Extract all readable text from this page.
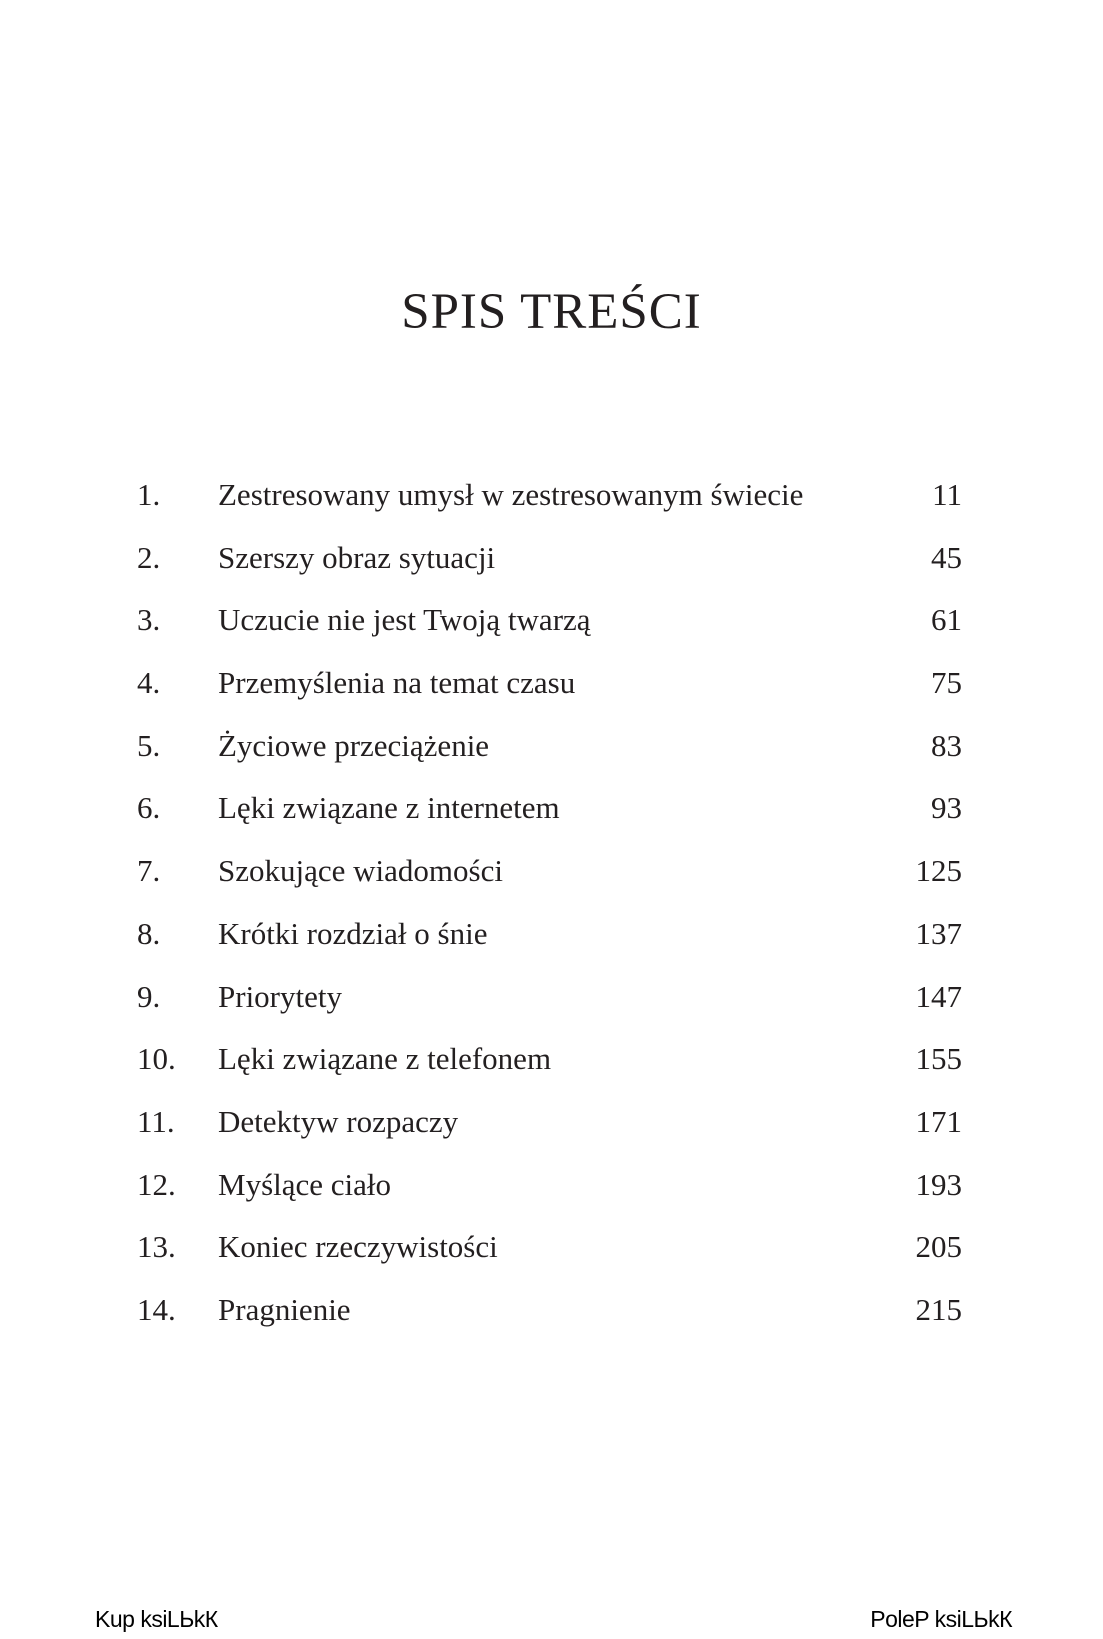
SPIS TREŚCI
1. Zestresowany umysł w zestresowanym świecie	11
2. Szerszy obraz sytuacji	45
3. Uczucie nie jest Twoją twarzą	61
4. Przemyślenia na temat czasu	75
5. Życiowe przeciążenie	83
6. Lęki związane z internetem	93
7. Szokujące wiadomości	125
8. Krótki rozdział o śnie	137
9. Priorytety	147
10. Lęki związane z telefonem	155
11. Detektyw rozpaczy	171
12. Myślące ciało	193
13. Koniec rzeczywistości	205
14. Pragnienie	215
Kup ksiLЬkК	PoleP ksiLЬkК
